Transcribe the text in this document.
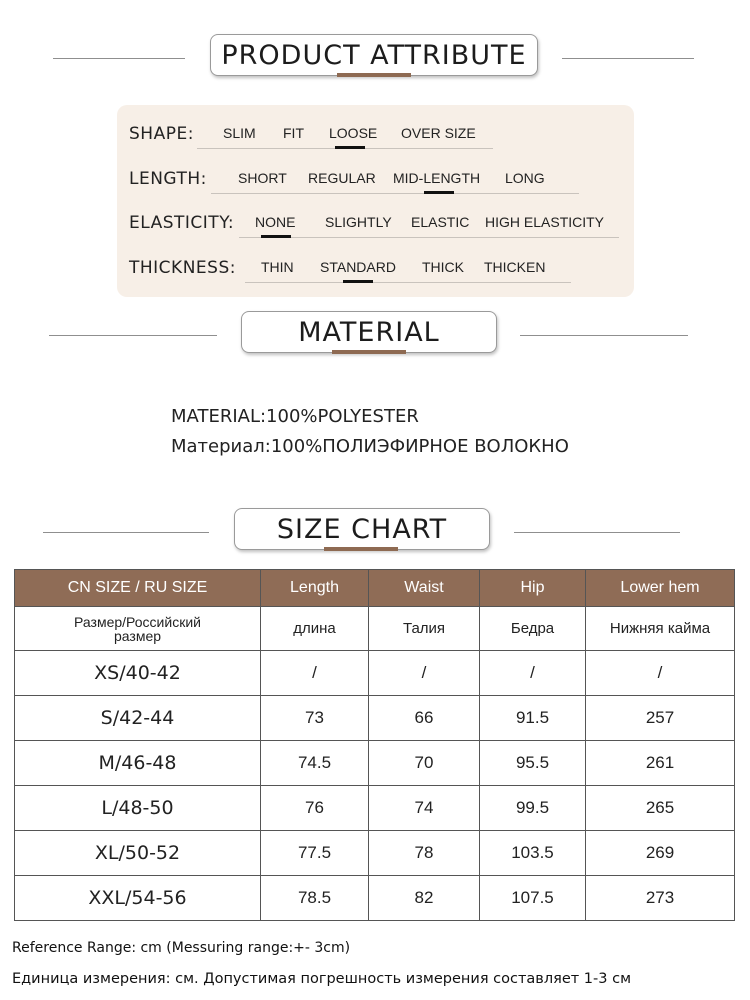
PRODUCT ATTRIBUTE
SHAPE: SLIM FIT LOOSE OVER SIZE
LENGTH: SHORT REGULAR MID-LENGTH LONG
ELASTICITY: NONE SLIGHTLY ELASTIC HIGH ELASTICITY
THICKNESS: THIN STANDARD THICK THICKEN
MATERIAL
MATERIAL:100%POLYESTER
Материал:100%ПОЛИЭФИРНОЕ ВОЛОКНО
SIZE CHART
CN SIZE / RU SIZE	Length	Waist	Hip	Lower hem
Размер/Российский размер	длина	Талия	Бедра	Нижняя кайма
XS/40-42	/	/	/	/
S/42-44	73	66	91.5	257
M/46-48	74.5	70	95.5	261
L/48-50	76	74	99.5	265
XL/50-52	77.5	78	103.5	269
XXL/54-56	78.5	82	107.5	273
Reference Range: cm (Messuring range:+- 3cm)
Единица измерения: см. Допустимая погрешность измерения составляет 1-3 см
